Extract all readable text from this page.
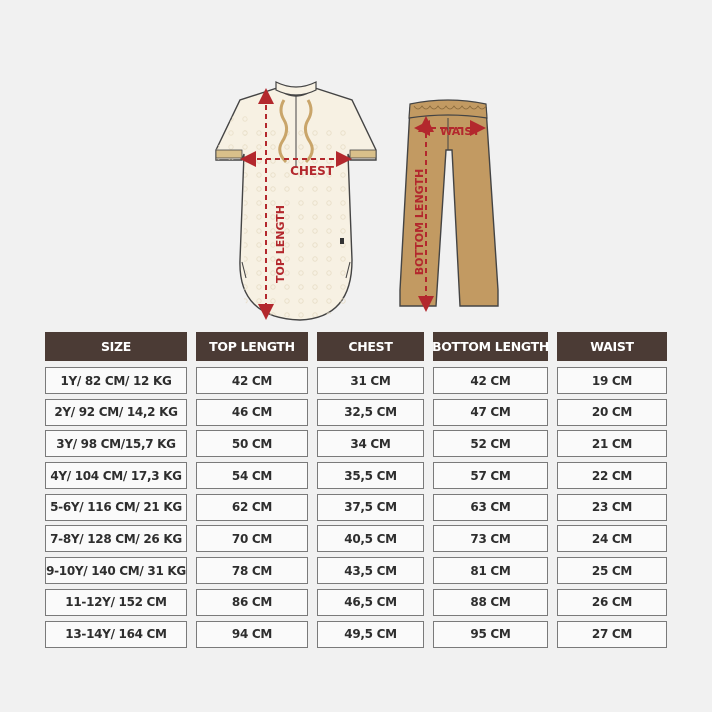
CHEST
TOP LENGTH
WAIST
BOTTOM LENGTH
SIZE	TOP LENGTH	CHEST	BOTTOM LENGTH	WAIST
1Y/ 82 CM/ 12 KG	42 CM	31 CM	42 CM	19 CM
2Y/ 92 CM/ 14,2 KG	46 CM	32,5 CM	47 CM	20 CM
3Y/ 98 CM/15,7 KG	50 CM	34 CM	52 CM	21 CM
4Y/ 104 CM/ 17,3 KG	54 CM	35,5 CM	57 CM	22 CM
5-6Y/ 116 CM/ 21 KG	62 CM	37,5 CM	63 CM	23 CM
7-8Y/ 128 CM/ 26 KG	70 CM	40,5 CM	73 CM	24 CM
9-10Y/ 140 CM/ 31 KG	78 CM	43,5 CM	81 CM	25 CM
11-12Y/ 152 CM	86 CM	46,5 CM	88 CM	26 CM
13-14Y/ 164 CM	94 CM	49,5 CM	95 CM	27 CM
